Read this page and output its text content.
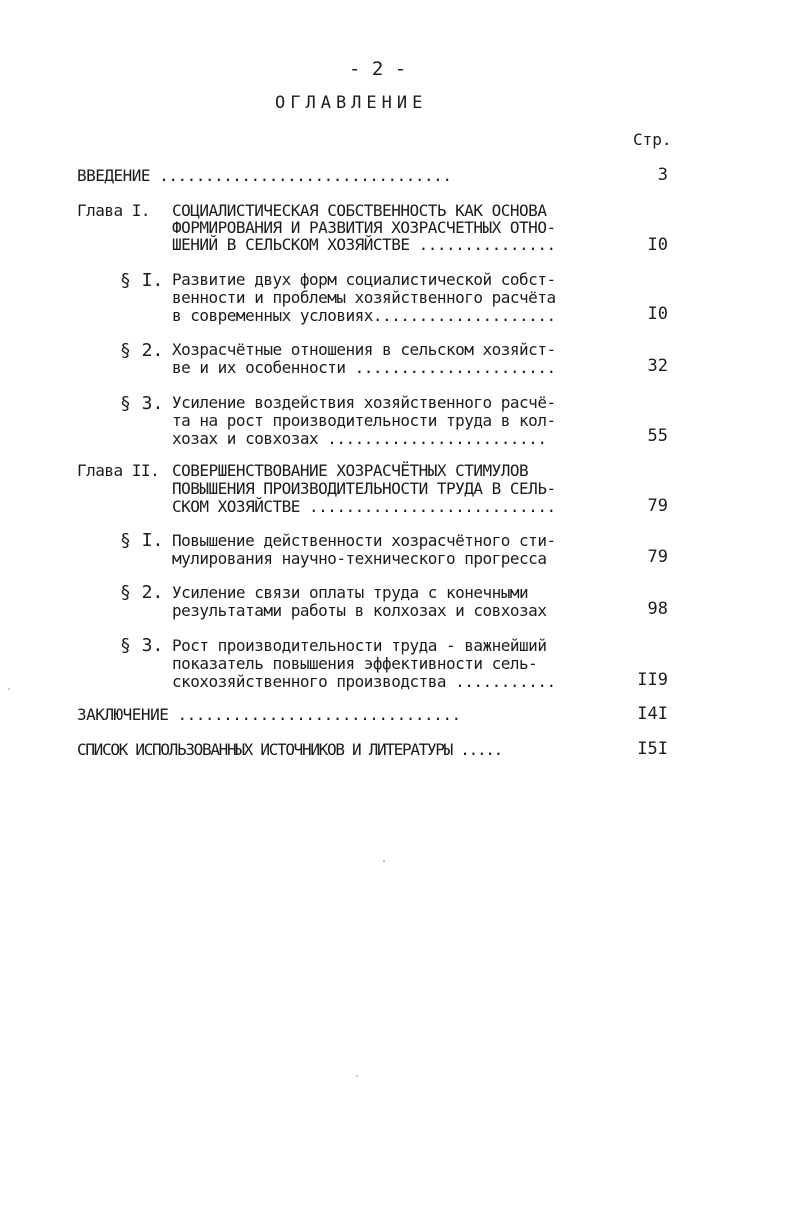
- 2 -
ОГЛАВЛЕНИЕ
Стр.
ВВЕДЕНИЕ ................................	3
Глава I. СОЦИАЛИСТИЧЕСКАЯ СОБСТВЕННОСТЬ КАК ОСНОВА
ФОРМИРОВАНИЯ И РАЗВИТИЯ ХОЗРАСЧЕТНЫХ ОТНО-
ШЕНИЙ В СЕЛЬСКОМ ХОЗЯЙСТВЕ ...............	I0
§ I. Развитие двух форм социалистической собст-
венности и проблемы хозяйственного расчёта
в современных условиях....................	I0
§ 2. Хозрасчётные отношения в сельском хозяйст-
ве и их особенности ......................	32
§ 3. Усиление воздействия хозяйственного расчё-
та на рост производительности труда в кол-
хозах и совхозах ........................	55
Глава II. СОВЕРШЕНСТВОВАНИЕ ХОЗРАСЧЁТНЫХ СТИМУЛОВ
ПОВЫШЕНИЯ ПРОИЗВОДИТЕЛЬНОСТИ ТРУДА В СЕЛЬ-
СКОМ ХОЗЯЙСТВЕ ...........................	79
§ I. Повышение действенности хозрасчётного сти-
мулирования научно-технического прогресса	79
§ 2. Усиление связи оплаты труда с конечными
результатами работы в колхозах и совхозах	98
§ 3. Рост производительности труда - важнейший
показатель повышения эффективности сель-
скохозяйственного производства ...........	II9
ЗАКЛЮЧЕНИЕ ...............................	I4I
СПИСОК ИСПОЛЬЗОВАННЫХ ИСТОЧНИКОВ И ЛИТЕРАТУРЫ .....	I5I
